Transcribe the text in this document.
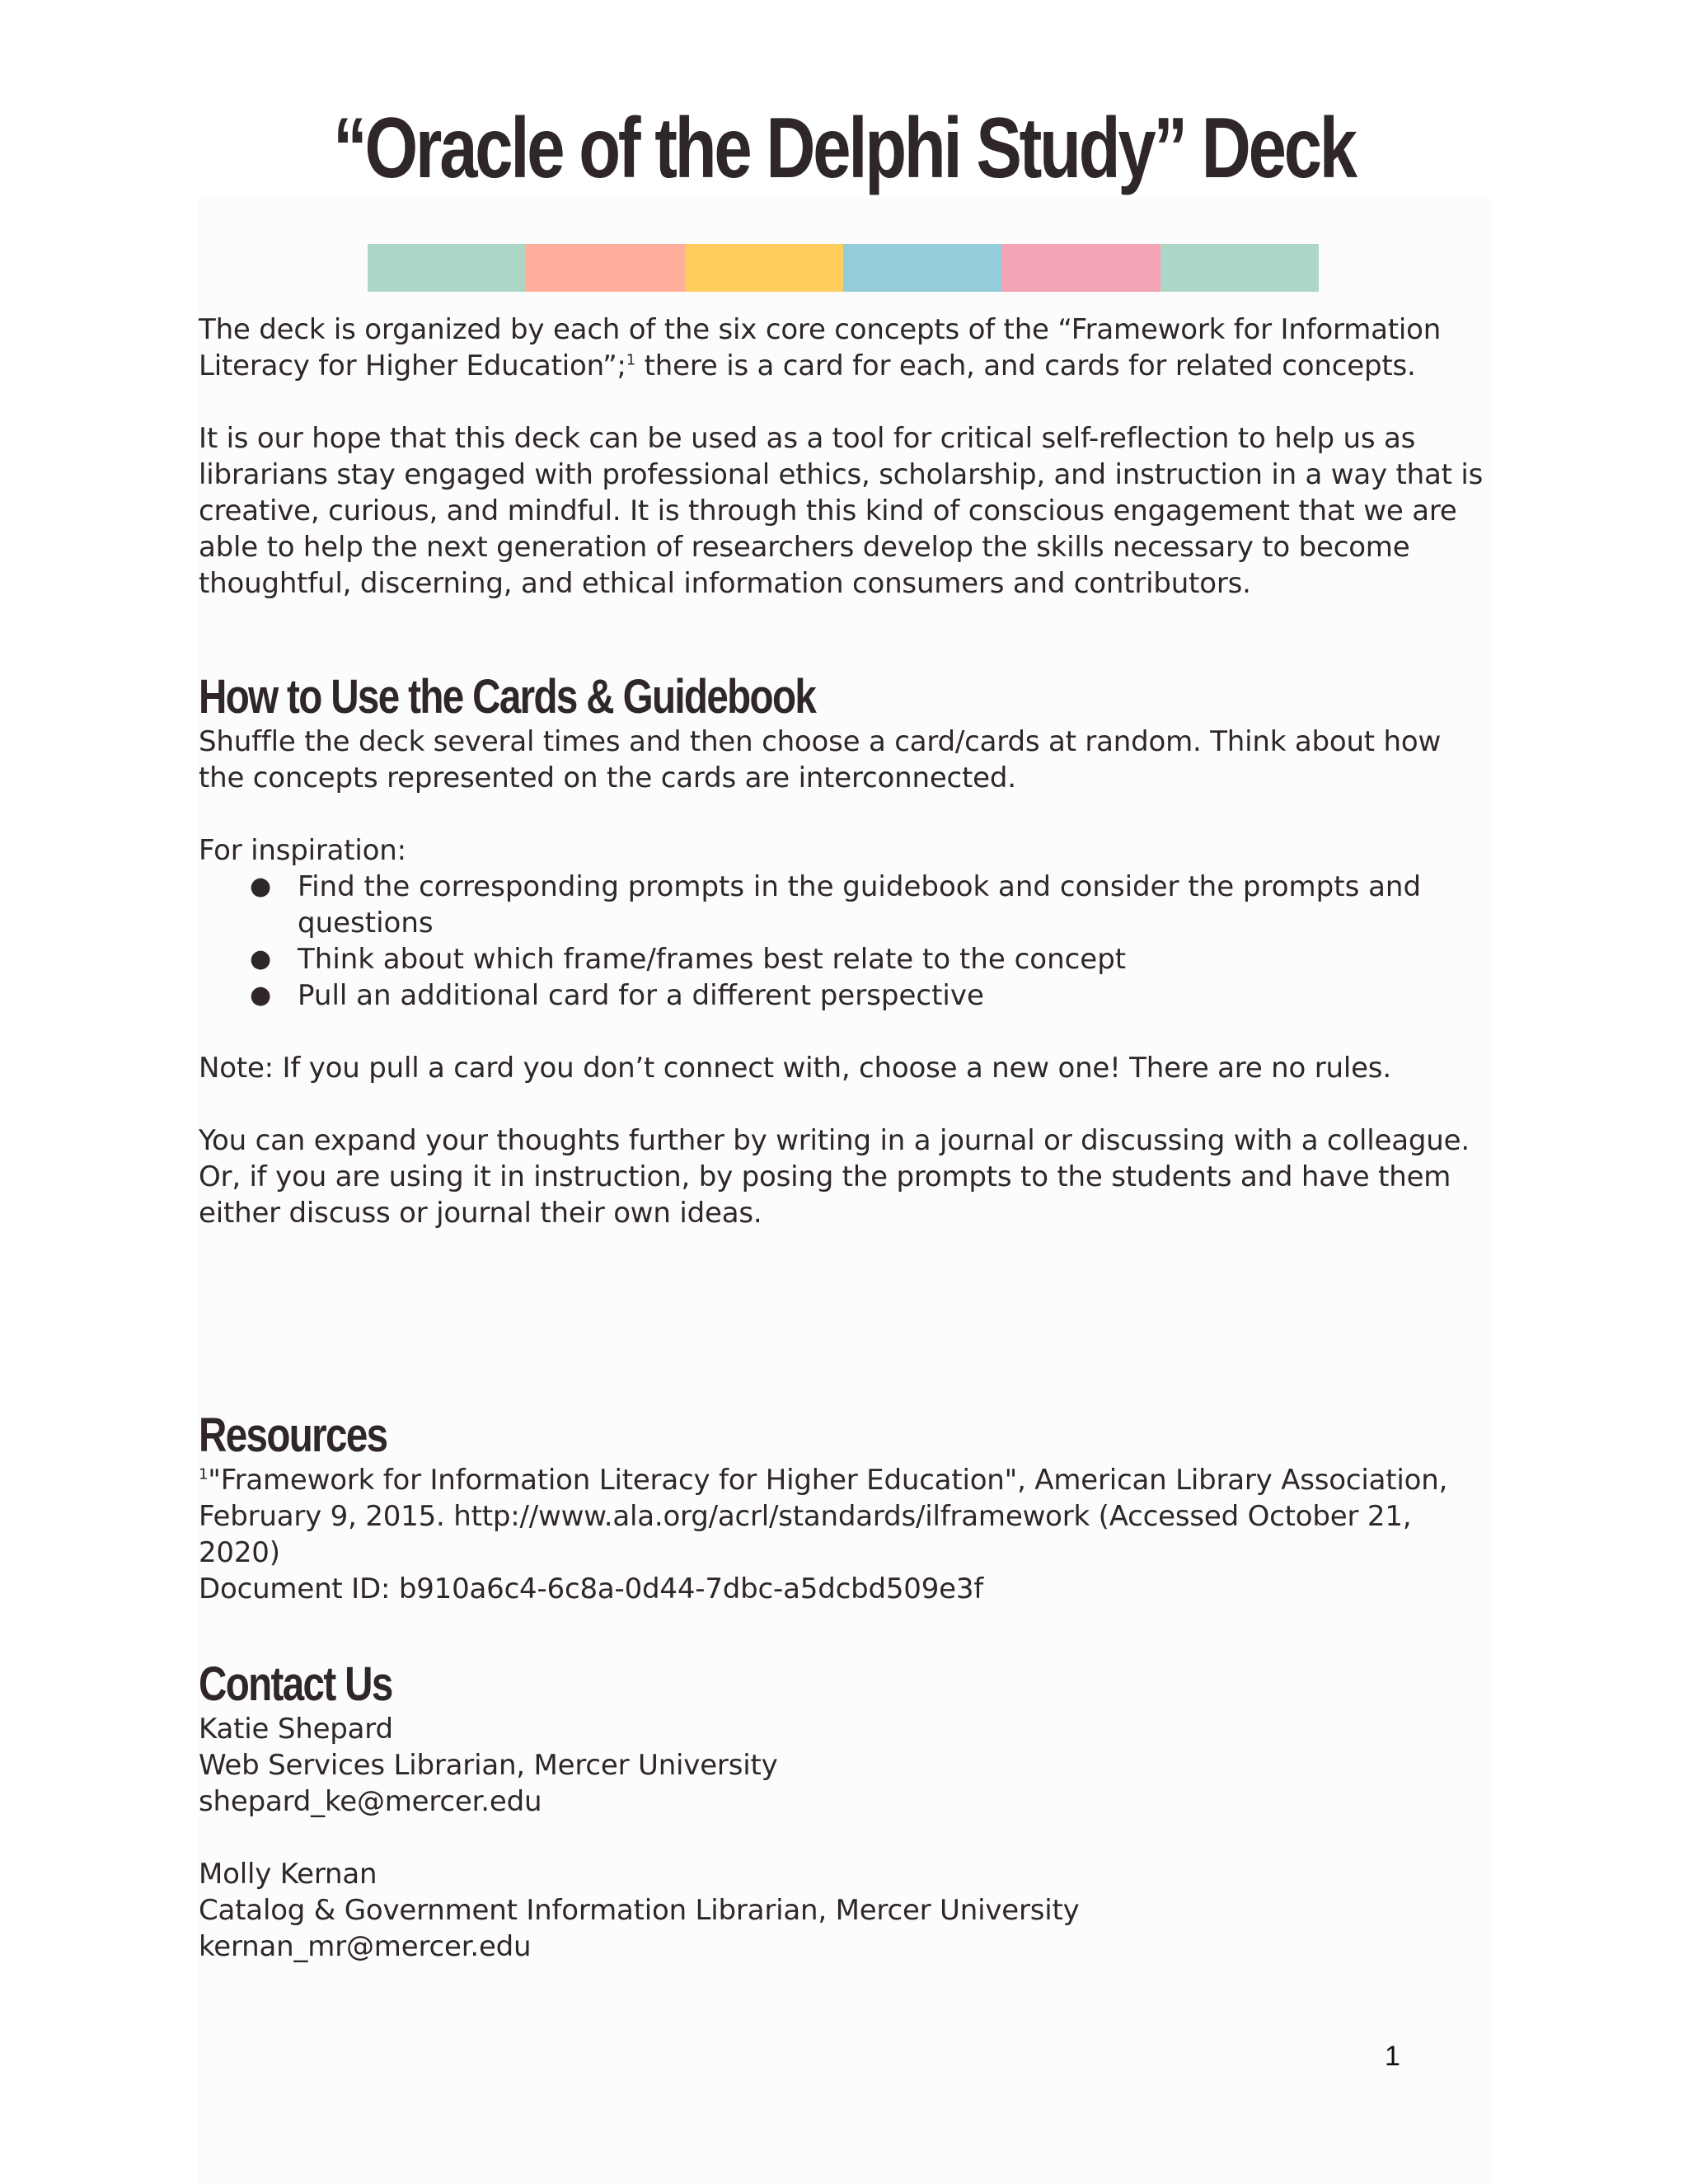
“Oracle of the Delphi Study” Deck

The deck is organized by each of the six core concepts of the “Framework for Information Literacy for Higher Education”;$^1$ there is a card for each, and cards for related concepts.

It is our hope that this deck can be used as a tool for critical self-reflection to help us as librarians stay engaged with professional ethics, scholarship, and instruction in a way that is creative, curious, and mindful. It is through this kind of conscious engagement that we are able to help the next generation of researchers develop the skills necessary to become thoughtful, discerning, and ethical information consumers and contributors.

How to Use the Cards & Guidebook

Shuffle the deck several times and then choose a card/cards at random. Think about how the concepts represented on the cards are interconnected.

For inspiration:

● Find the corresponding prompts in the guidebook and consider the prompts and questions
● Think about which frame/frames best relate to the concept
● Pull an additional card for a different perspective

Note: If you pull a card you don’t connect with, choose a new one! There are no rules.

You can expand your thoughts further by writing in a journal or discussing with a colleague. Or, if you are using it in instruction, by posing the prompts to the students and have them either discuss or journal their own ideas.

Resources

$^1$"Framework for Information Literacy for Higher Education", American Library Association,
February 9, 2015. http://www.ala.org/acrl/standards/ilframework (Accessed October 21, 2020)

Document ID: b910a6c4-6c8a-0d44-7dbc-a5dcbd509e3f

Contact Us

Katie Shepard

Web Services Librarian, Mercer University

shepard_ke@mercer.edu

Molly Kernan

Catalog & Government Information Librarian, Mercer University

kernan_mr@mercer.edu

1
